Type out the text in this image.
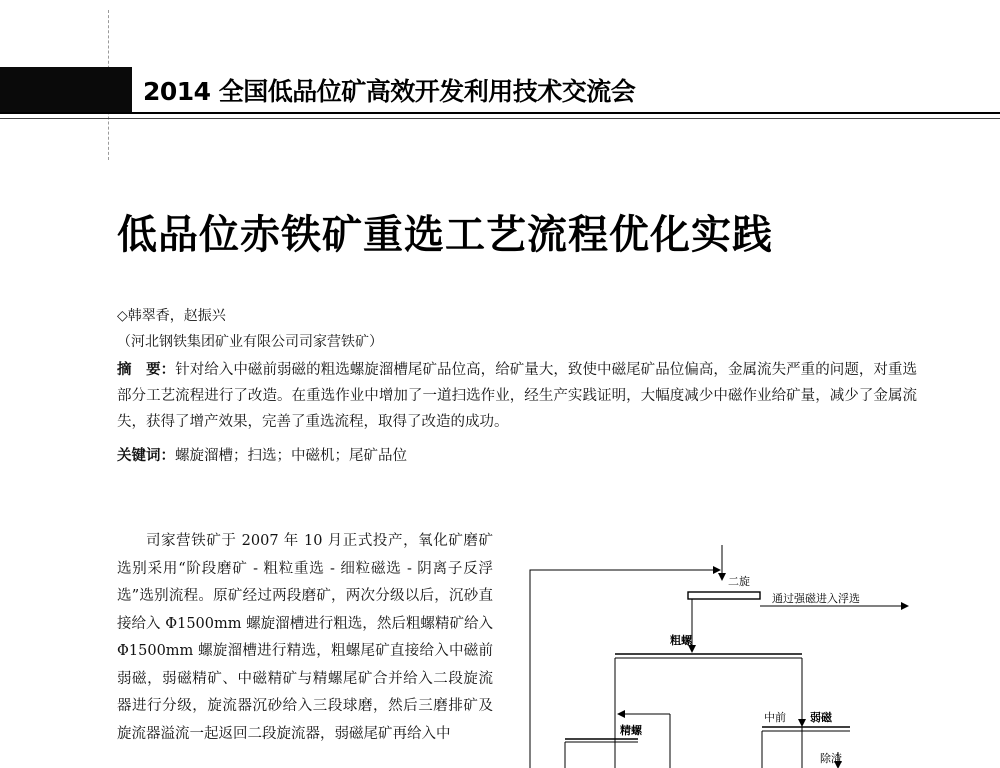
2014 全国低品位矿高效开发利用技术交流会
低品位赤铁矿重选工艺流程优化实践
◇韩翠香，赵振兴
（河北钢铁集团矿业有限公司司家营铁矿）
摘　要：针对给入中磁前弱磁的粗选螺旋溜槽尾矿品位高，给矿量大，致使中磁尾矿品位偏高，金属流失严重的问题，对重选部分工艺流程进行了改造。在重选作业中增加了一道扫选作业，经生产实践证明，大幅度减少中磁作业给矿量，减少了金属流失，获得了增产效果，完善了重选流程，取得了改造的成功。
关键词：螺旋溜槽；扫选；中磁机；尾矿品位

司家营铁矿于 2007 年 10 月正式投产，氧化矿磨矿选别采用“阶段磨矿 - 粗粒重选 - 细粒磁选 - 阴离子反浮选”选别流程。原矿经过两段磨矿，两次分级以后，沉砂直接给入 Φ1500mm 螺旋溜槽进行粗选，然后粗螺精矿给入 Φ1500mm 螺旋溜槽进行精选，粗螺尾矿直接给入中磁前弱磁，弱磁精矿、中磁精矿与精螺尾矿合并给入二段旋流器进行分级，旋流器沉砂给入三段球磨，然后三磨排矿及旋流器溢流一起返回二段旋流器，弱磁尾矿再给入中

二旋
通过强磁进入浮选
粗螺
精螺
中前 弱磁
除渣
